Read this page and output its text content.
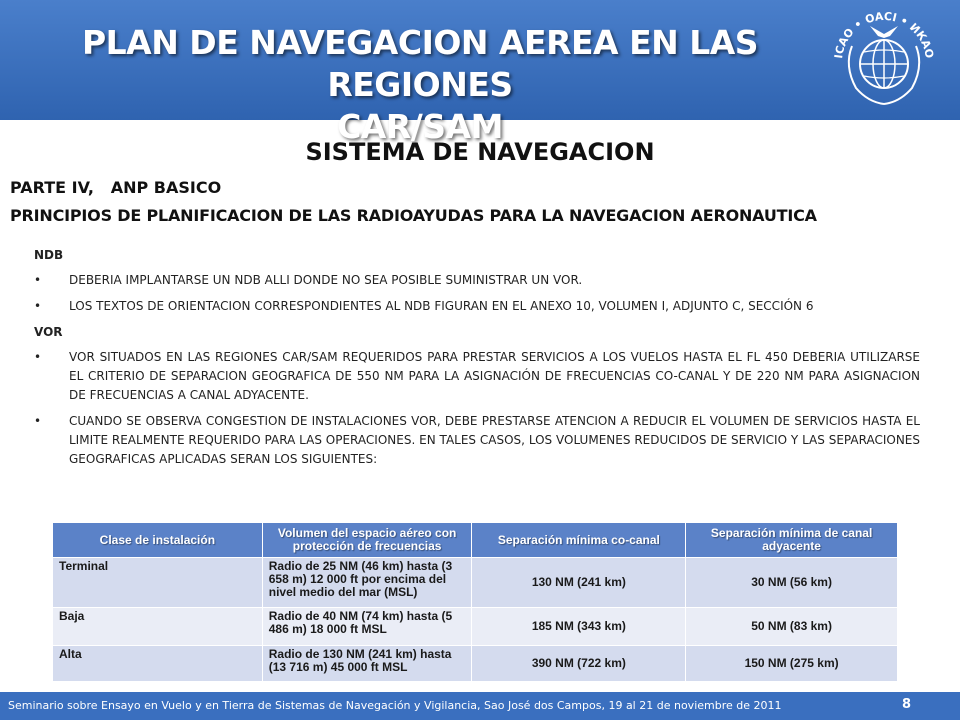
PLAN DE NAVEGACION AEREA EN LAS REGIONES
CAR/SAM
ICAO • OACI • ИКАО
SISTEMA DE NAVEGACION
PARTE IV,   ANP BASICO
PRINCIPIOS DE PLANIFICACION DE LAS RADIOAYUDAS PARA LA NAVEGACION AERONAUTICA
NDB
• DEBERIA IMPLANTARSE UN NDB ALLI DONDE NO SEA POSIBLE SUMINISTRAR UN VOR.
• LOS TEXTOS DE ORIENTACION CORRESPONDIENTES AL NDB FIGURAN EN EL ANEXO 10, VOLUMEN I, ADJUNTO C, SECCIÓN 6
VOR
• VOR SITUADOS EN LAS REGIONES CAR/SAM REQUERIDOS PARA PRESTAR SERVICIOS A LOS VUELOS HASTA EL FL 450 DEBERIA UTILIZARSE EL CRITERIO DE SEPARACION GEOGRAFICA DE 550 NM PARA LA ASIGNACIÓN DE FRECUENCIAS CO-CANAL Y DE 220 NM PARA ASIGNACION DE FRECUENCIAS A CANAL ADYACENTE.
• CUANDO SE OBSERVA CONGESTION DE INSTALACIONES VOR, DEBE PRESTARSE ATENCION A REDUCIR EL VOLUMEN DE SERVICIOS HASTA EL LIMITE REALMENTE REQUERIDO PARA LAS OPERACIONES. EN TALES CASOS, LOS VOLUMENES REDUCIDOS DE SERVICIO Y LAS SEPARACIONES GEOGRAFICAS APLICADAS SERAN LOS SIGUIENTES:
Clase de instalación	Volumen del espacio aéreo con protección de frecuencias	Separación mínima co-canal	Separación mínima de canal adyacente
Terminal	Radio de 25 NM (46 km) hasta (3 658 m) 12 000 ft por encima del nivel medio del mar (MSL)	130 NM (241 km)	30 NM (56 km)
Baja	Radio de 40 NM (74 km) hasta (5 486 m) 18 000 ft MSL	185 NM (343 km)	50 NM (83 km)
Alta	Radio de 130 NM (241 km) hasta (13 716 m) 45 000 ft MSL	390 NM (722 km)	150 NM (275 km)
Seminario sobre Ensayo en Vuelo y en Tierra de Sistemas de Navegación y Vigilancia, Sao José dos Campos, 19 al 21 de noviembre de 2011	8
